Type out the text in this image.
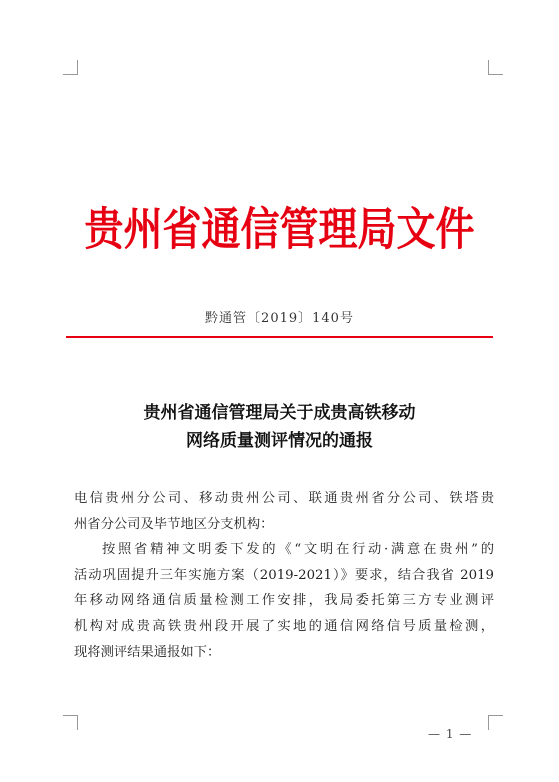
贵州省通信管理局文件
黔通管〔2019〕140号
贵州省通信管理局关于成贵高铁移动
网络质量测评情况的通报
电信贵州分公司、移动贵州公司、联通贵州省分公司、铁塔贵
州省分公司及毕节地区分支机构：
按照省精神文明委下发的《“文明在行动·满意在贵州”的
活动巩固提升三年实施方案（2019-2021）》要求，结合我省 2019
年移动网络通信质量检测工作安排，我局委托第三方专业测评
机构对成贵高铁贵州段开展了实地的通信网络信号质量检测，
现将测评结果通报如下：
— 1 —
